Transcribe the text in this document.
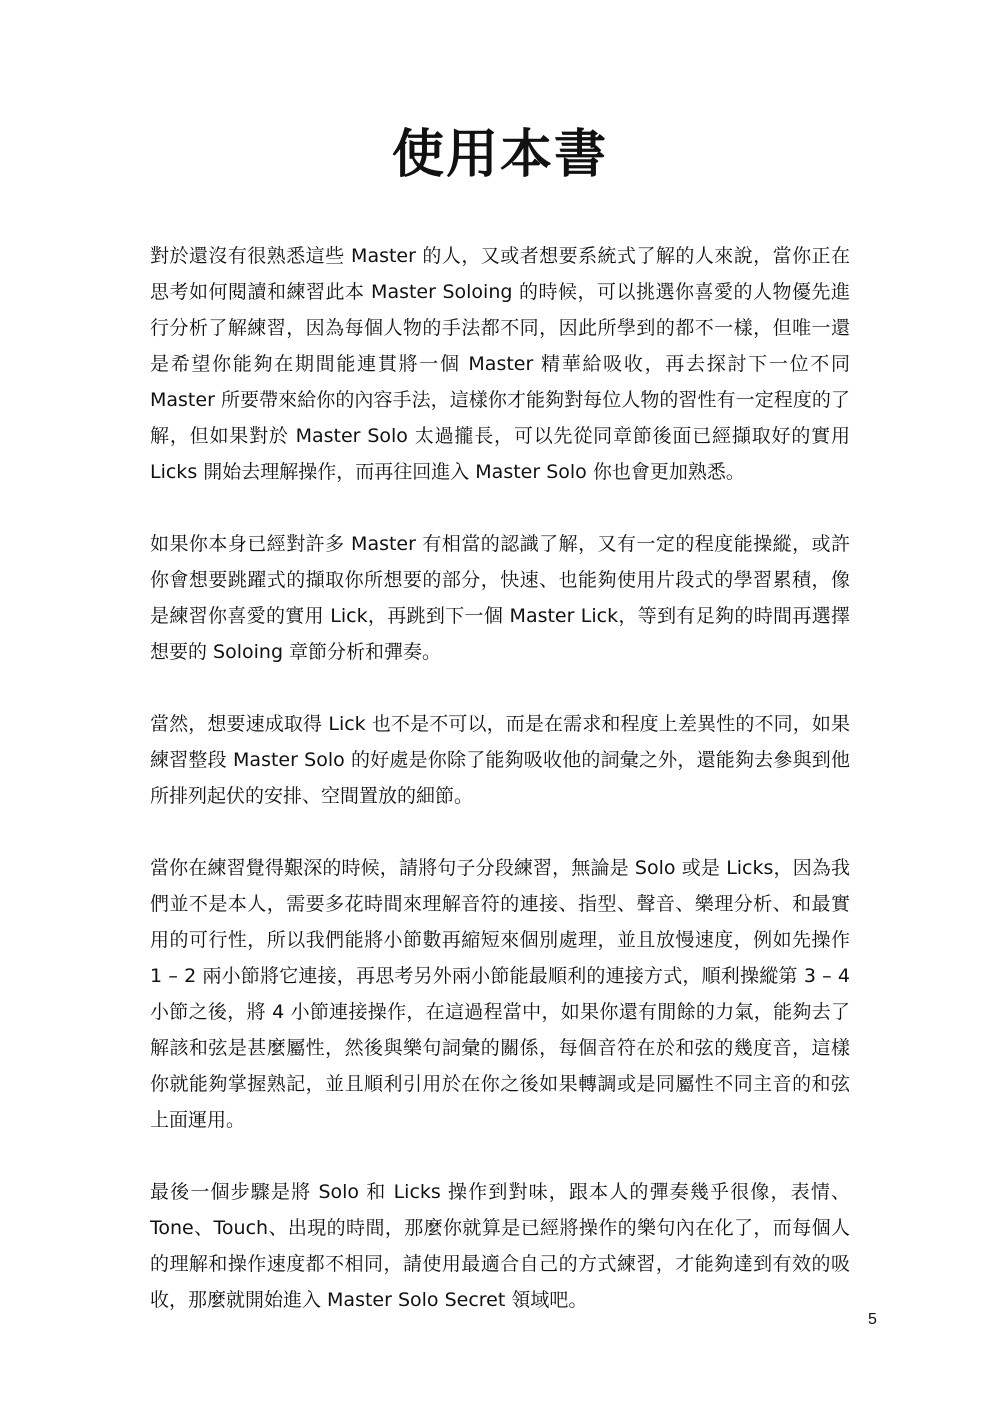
使用本書

對於還沒有很熟悉這些 Master 的人，又或者想要系統式了解的人來說，當你正在思考如何閱讀和練習此本 Master Soloing 的時候，可以挑選你喜愛的人物優先進行分析了解練習，因為每個人物的手法都不同，因此所學到的都不一樣，但唯一還是希望你能夠在期間能連貫將一個 Master 精華給吸收，再去探討下一位不同 Master 所要帶來給你的內容手法，這樣你才能夠對每位人物的習性有一定程度的了解，但如果對於 Master Solo 太過攏長，可以先從同章節後面已經擷取好的實用 Licks 開始去理解操作，而再往回進入 Master Solo 你也會更加熟悉。

如果你本身已經對許多 Master 有相當的認識了解，又有一定的程度能操縱，或許你會想要跳躍式的擷取你所想要的部分，快速、也能夠使用片段式的學習累積，像是練習你喜愛的實用 Lick，再跳到下一個 Master Lick，等到有足夠的時間再選擇想要的 Soloing 章節分析和彈奏。

當然，想要速成取得 Lick 也不是不可以，而是在需求和程度上差異性的不同，如果練習整段 Master Solo 的好處是你除了能夠吸收他的詞彙之外，還能夠去參與到他所排列起伏的安排、空間置放的細節。

當你在練習覺得艱深的時候，請將句子分段練習，無論是 Solo 或是 Licks，因為我們並不是本人，需要多花時間來理解音符的連接、指型、聲音、樂理分析、和最實用的可行性，所以我們能將小節數再縮短來個別處理，並且放慢速度，例如先操作 1 – 2 兩小節將它連接，再思考另外兩小節能最順利的連接方式，順利操縱第 3 – 4 小節之後，將 4 小節連接操作，在這過程當中，如果你還有閒餘的力氣，能夠去了解該和弦是甚麼屬性，然後與樂句詞彙的關係，每個音符在於和弦的幾度音，這樣你就能夠掌握熟記，並且順利引用於在你之後如果轉調或是同屬性不同主音的和弦上面運用。

最後一個步驟是將 Solo 和 Licks 操作到對味，跟本人的彈奏幾乎很像，表情、Tone、Touch、出現的時間，那麼你就算是已經將操作的樂句內在化了，而每個人的理解和操作速度都不相同，請使用最適合自己的方式練習，才能夠達到有效的吸收，那麼就開始進入 Master Solo Secret 領域吧。

5
